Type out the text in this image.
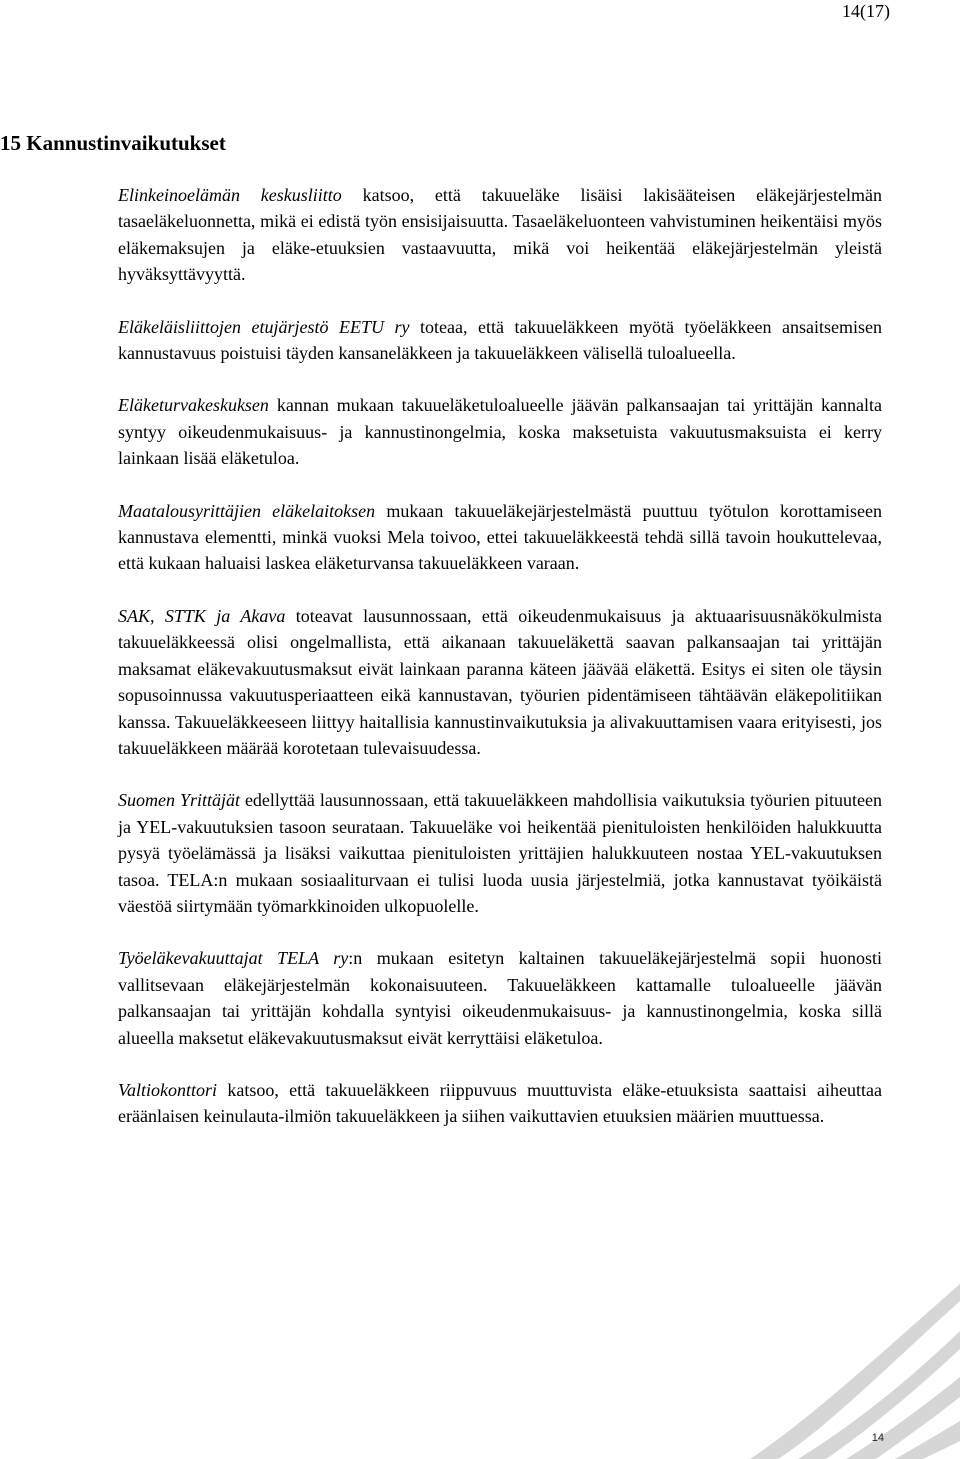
14(17)
15 Kannustinvaikutukset

Elinkeinoelämän keskusliitto katsoo, että takuueläke lisäisi lakisääteisen eläkejärjestelmän tasaeläkeluonnetta, mikä ei edistä työn ensisijaisuutta. Tasaeläkeluonteen vahvistuminen heikentäisi myös eläkemaksujen ja eläke-etuuksien vastaavuutta, mikä voi heikentää eläkejärjestelmän yleistä hyväksyttävyyttä.

Eläkeläisliittojen etujärjestö EETU ry toteaa, että takuueläkkeen myötä työeläkkeen ansaitsemisen kannustavuus poistuisi täyden kansaneläkkeen ja takuueläkkeen välisellä tuloalueella.

Eläketurvakeskuksen kannan mukaan takuueläketuloalueelle jäävän palkansaajan tai yrittäjän kannalta syntyy oikeudenmukaisuus- ja kannustinongelmia, koska maksetuista vakuutusmaksuista ei kerry lainkaan lisää eläketuloa.

Maatalousyrittäjien eläkelaitoksen mukaan takuueläkejärjestelmästä puuttuu työtulon korottamiseen kannustava elementti, minkä vuoksi Mela toivoo, ettei takuueläkkeestä tehdä sillä tavoin houkuttelevaa, että kukaan haluaisi laskea eläketurvansa takuueläkkeen varaan.

SAK, STTK ja Akava toteavat lausunnossaan, että oikeudenmukaisuus ja aktuaarisuusnäkökulmista takuueläkkeessä olisi ongelmallista, että aikanaan takuueläkettä saavan palkansaajan tai yrittäjän maksamat eläkevakuutusmaksut eivät lainkaan paranna käteen jäävää eläkettä. Esitys ei siten ole täysin sopusoinnussa vakuutusperiaatteen eikä kannustavan, työurien pidentämiseen tähtäävän eläkepolitiikan kanssa. Takuueläkkeeseen liittyy haitallisia kannustinvaikutuksia ja alivakuuttamisen vaara erityisesti, jos takuueläkkeen määrää korotetaan tulevaisuudessa.

Suomen Yrittäjät edellyttää lausunnossaan, että takuueläkkeen mahdollisia vaikutuksia työurien pituuteen ja YEL-vakuutuksien tasoon seurataan. Takuueläke voi heikentää pienituloisten henkilöiden halukkuutta pysyä työelämässä ja lisäksi vaikuttaa pienituloisten yrittäjien halukkuuteen nostaa YEL-vakuutuksen tasoa. TELA:n mukaan sosiaaliturvaan ei tulisi luoda uusia järjestelmiä, jotka kannustavat työikäistä väestöä siirtymään työmarkkinoiden ulkopuolelle.

Työeläkevakuuttajat TELA ry:n mukaan esitetyn kaltainen takuueläkejärjestelmä sopii huonosti vallitsevaan eläkejärjestelmän kokonaisuuteen. Takuueläkkeen kattamalle tuloalueelle jäävän palkansaajan tai yrittäjän kohdalla syntyisi oikeudenmukaisuus- ja kannustinongelmia, koska sillä alueella maksetut eläkevakuutusmaksut eivät kerryttäisi eläketuloa.

Valtiokonttori katsoo, että takuueläkkeen riippuvuus muuttuvista eläke-etuuksista saattaisi aiheuttaa eräänlaisen keinulauta-ilmiön takuueläkkeen ja siihen vaikuttavien etuuksien määrien muuttuessa.

14
